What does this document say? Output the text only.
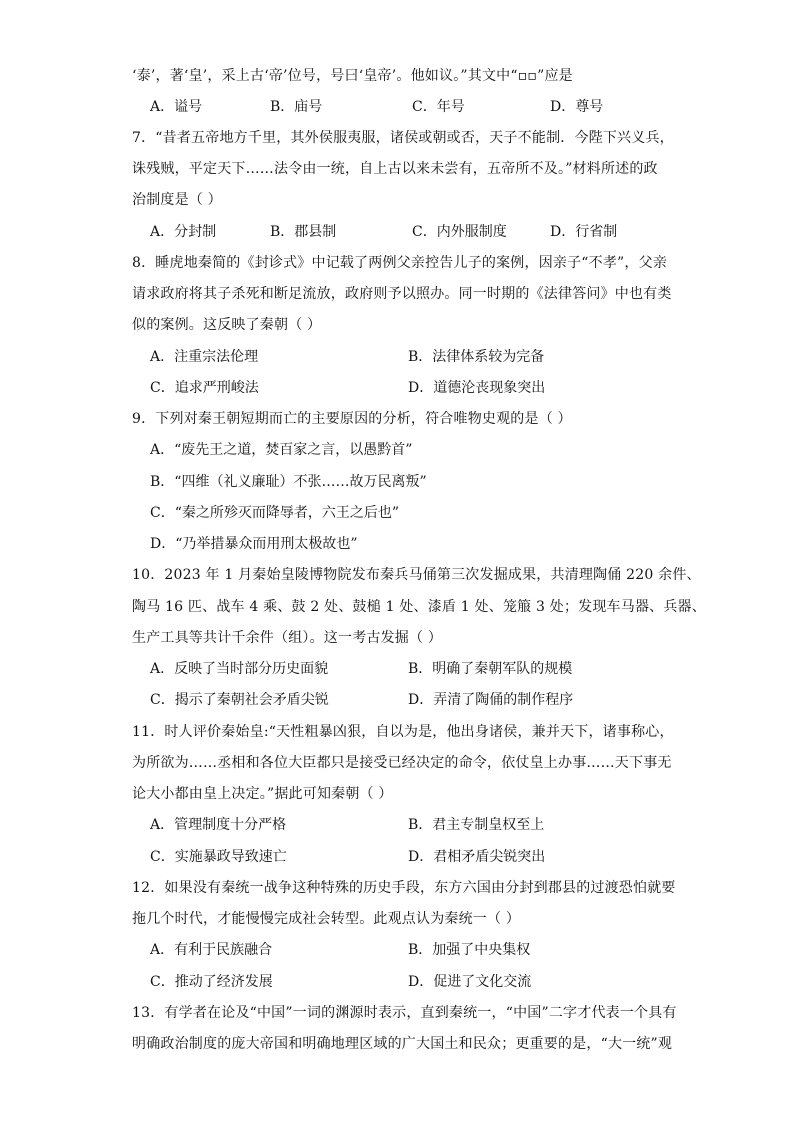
‘泰’，著‘皇’，采上古‘帝’位号，号曰‘皇帝’。他如议。”其文中“▫▫”应是
A．谥号	B．庙号	C．年号	D．尊号
7．“昔者五帝地方千里，其外侯服夷服，诸侯或朝或否，天子不能制．今陛下兴义兵，
诛残贼，平定天下……法令由一统，自上古以来未尝有，五帝所不及。”材料所述的政
治制度是（ ）
A．分封制	B．郡县制	C．内外服制度	D．行省制
8．睡虎地秦简的《封诊式》中记载了两例父亲控告儿子的案例，因亲子“不孝”，父亲
请求政府将其子杀死和断足流放，政府则予以照办。同一时期的《法律答问》中也有类
似的案例。这反映了秦朝（ ）
A．注重宗法伦理	B．法律体系较为完备
C．追求严刑峻法	D．道德沦丧现象突出
9．下列对秦王朝短期而亡的主要原因的分析，符合唯物史观的是（ ）
A．“废先王之道，焚百家之言，以愚黔首”
B．“四维（礼义廉耻）不张……故万民离叛”
C．“秦之所殄灭而降辱者，六王之后也”
D．“乃举措暴众而用刑太极故也”
10．2023 年 1 月秦始皇陵博物院发布秦兵马俑第三次发掘成果，共清理陶俑 220 余件、
陶马 16 匹、战车 4 乘、鼓 2 处、鼓槌 1 处、漆盾 1 处、笼箙 3 处；发现车马器、兵器、
生产工具等共计千余件（组）。这一考古发掘（ ）
A．反映了当时部分历史面貌	B．明确了秦朝军队的规模
C．揭示了秦朝社会矛盾尖锐	D．弄清了陶俑的制作程序
11．时人评价秦始皇:“天性粗暴凶狠，自以为是，他出身诸侯，兼并天下，诸事称心，
为所欲为……丞相和各位大臣都只是接受已经决定的命令，依仗皇上办事……天下事无
论大小都由皇上决定。”据此可知秦朝（ ）
A．管理制度十分严格	B．君主专制皇权至上
C．实施暴政导致速亡	D．君相矛盾尖锐突出
12．如果没有秦统一战争这种特殊的历史手段，东方六国由分封到郡县的过渡恐怕就要
拖几个时代，才能慢慢完成社会转型。此观点认为秦统一（ ）
A．有利于民族融合	B．加强了中央集权
C．推动了经济发展	D．促进了文化交流
13．有学者在论及“中国”一词的渊源时表示，直到秦统一，“中国”二字才代表一个具有
明确政治制度的庞大帝国和明确地理区域的广大国土和民众；更重要的是，“大一统”观
